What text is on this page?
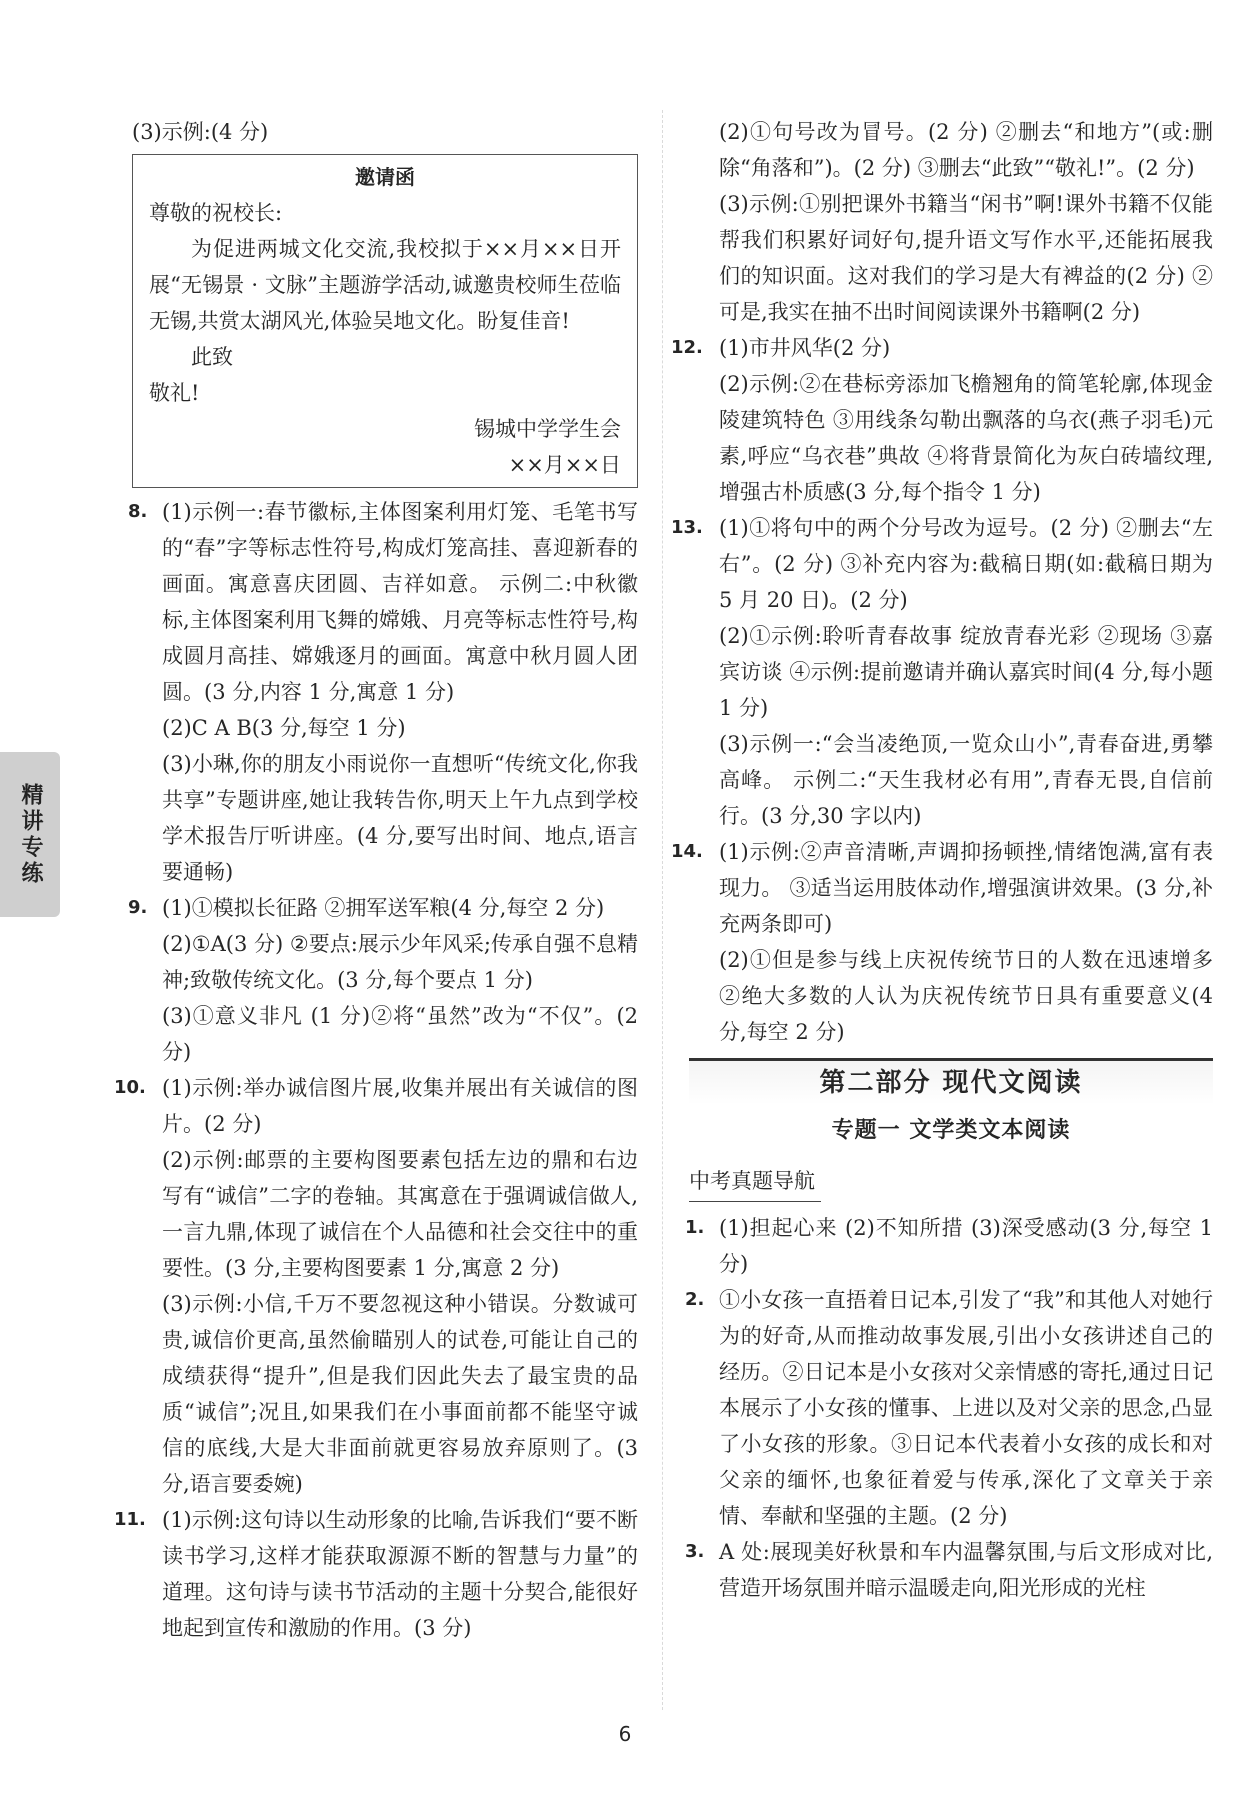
精讲专练

(3)示例:(4 分)

邀请函
尊敬的祝校长:
为促进两城文化交流,我校拟于××月××日开展“无锡景 · 文脉”主题游学活动,诚邀贵校师生莅临无锡,共赏太湖风光,体验吴地文化。盼复佳音!
此致
敬礼!
锡城中学学生会
××月××日
8. (1)示例一:春节徽标,主体图案利用灯笼、毛笔书写的“春”字等标志性符号,构成灯笼高挂、喜迎新春的画面。寓意喜庆团圆、吉祥如意。 示例二:中秋徽标,主体图案利用飞舞的嫦娥、月亮等标志性符号,构成圆月高挂、嫦娥逐月的画面。寓意中秋月圆人团圆。(3 分,内容 1 分,寓意 1 分)
(2)C A B(3 分,每空 1 分)
(3)小琳,你的朋友小雨说你一直想听“传统文化,你我共享”专题讲座,她让我转告你,明天上午九点到学校学术报告厅听讲座。(4 分,要写出时间、地点,语言要通畅)
9. (1)①模拟长征路 ②拥军送军粮(4 分,每空 2 分)
(2)①A(3 分) ②要点:展示少年风采;传承自强不息精神;致敬传统文化。(3 分,每个要点 1 分)
(3)①意义非凡 (1 分)②将“虽然”改为“不仅”。(2 分)
10. (1)示例:举办诚信图片展,收集并展出有关诚信的图片。(2 分)
(2)示例:邮票的主要构图要素包括左边的鼎和右边写有“诚信”二字的卷轴。其寓意在于强调诚信做人,一言九鼎,体现了诚信在个人品德和社会交往中的重要性。(3 分,主要构图要素 1 分,寓意 2 分)
(3)示例:小信,千万不要忽视这种小错误。分数诚可贵,诚信价更高,虽然偷瞄别人的试卷,可能让自己的成绩获得“提升”,但是我们因此失去了最宝贵的品质“诚信”;况且,如果我们在小事面前都不能坚守诚信的底线,大是大非面前就更容易放弃原则了。(3 分,语言要委婉)
11. (1)示例:这句诗以生动形象的比喻,告诉我们“要不断读书学习,这样才能获取源源不断的智慧与力量”的道理。这句诗与读书节活动的主题十分契合,能很好地起到宣传和激励的作用。(3 分)
(2)①句号改为冒号。(2 分) ②删去“和地方”(或:删除“角落和”)。(2 分) ③删去“此致”“敬礼!”。(2 分)
(3)示例:①别把课外书籍当“闲书”啊!课外书籍不仅能帮我们积累好词好句,提升语文写作水平,还能拓展我们的知识面。这对我们的学习是大有裨益的(2 分) ②可是,我实在抽不出时间阅读课外书籍啊(2 分)
12. (1)市井风华(2 分)
(2)示例:②在巷标旁添加飞檐翘角的简笔轮廓,体现金陵建筑特色 ③用线条勾勒出飘落的乌衣(燕子羽毛)元素,呼应“乌衣巷”典故 ④将背景简化为灰白砖墙纹理,增强古朴质感(3 分,每个指令 1 分)
13. (1)①将句中的两个分号改为逗号。(2 分) ②删去“左右”。(2 分) ③补充内容为:截稿日期(如:截稿日期为 5 月 20 日)。(2 分)
(2)①示例:聆听青春故事 绽放青春光彩 ②现场 ③嘉宾访谈 ④示例:提前邀请并确认嘉宾时间(4 分,每小题 1 分)
(3)示例一:“会当凌绝顶,一览众山小”,青春奋进,勇攀高峰。 示例二:“天生我材必有用”,青春无畏,自信前行。(3 分,30 字以内)
14. (1)示例:②声音清晰,声调抑扬顿挫,情绪饱满,富有表现力。 ③适当运用肢体动作,增强演讲效果。(3 分,补充两条即可)
(2)①但是参与线上庆祝传统节日的人数在迅速增多 ②绝大多数的人认为庆祝传统节日具有重要意义(4 分,每空 2 分)
第二部分 现代文阅读
专题一 文学类文本阅读
中考真题导航
1. (1)担起心来 (2)不知所措 (3)深受感动(3 分,每空 1 分)
2. ①小女孩一直捂着日记本,引发了“我”和其他人对她行为的好奇,从而推动故事发展,引出小女孩讲述自己的经历。②日记本是小女孩对父亲情感的寄托,通过日记本展示了小女孩的懂事、上进以及对父亲的思念,凸显了小女孩的形象。③日记本代表着小女孩的成长和对父亲的缅怀,也象征着爱与传承,深化了文章关于亲情、奉献和坚强的主题。(2 分)
3. A 处:展现美好秋景和车内温馨氛围,与后文形成对比,营造开场氛围并暗示温暖走向,阳光形成的光柱
6
